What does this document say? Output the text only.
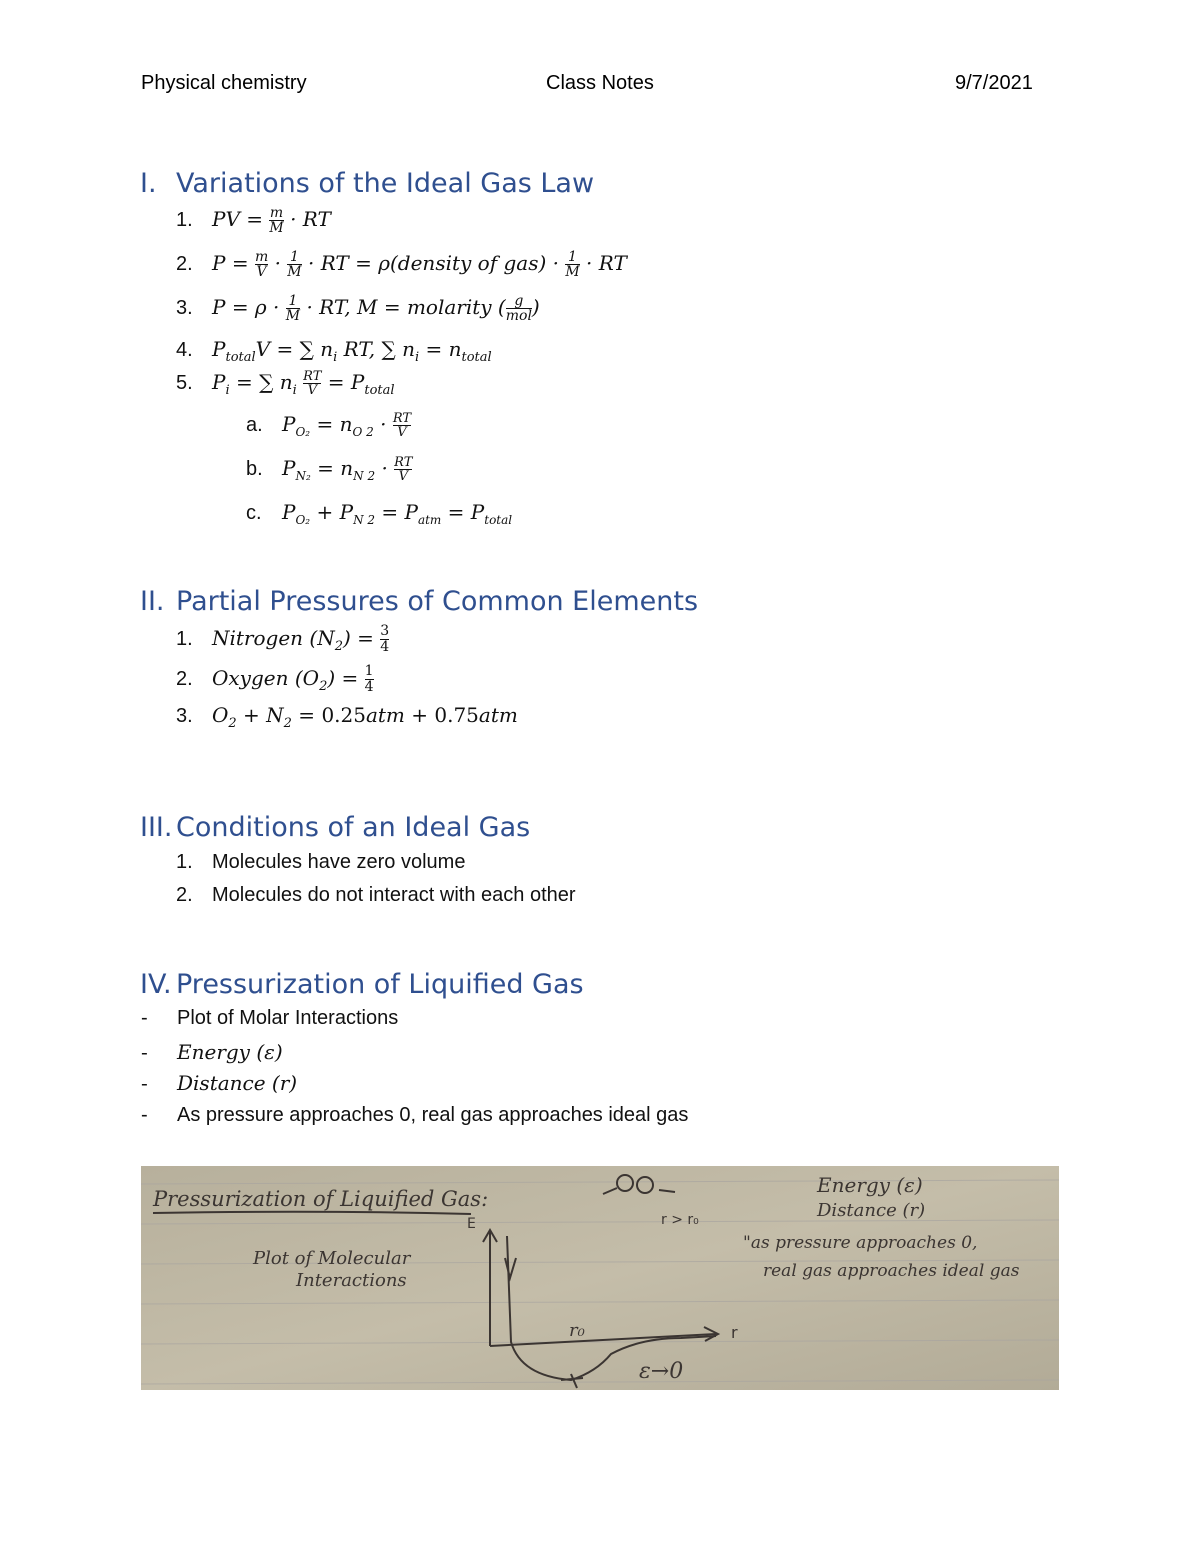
Physical chemistry	Class Notes	9/7/2021
I. Variations of the Ideal Gas Law
1. PV = $\frac{m}{M}$ · RT
2. $P = \frac{m}{V} \cdot \frac{1}{M}$ · RT = ρ(density of $gas) \cdot \frac{1}{M}$ · RT
3. $P = \rho \cdot \frac{1}{M}$ · RT, M = molarity ( g
mol )
4. $P_{total}V$ = ∑ $n_i$ RT, ∑ $n_i = n_{total}$
5. $P_i$ = ∑ $n_i \frac{RT}{V} = P_{total}$
a. $P_{O_2} = n_{O 2} \cdot \frac{RT}{V}$
b. $P_{N_2} = n_{N 2} \cdot \frac{RT}{V}$
c. $P_{O_2} + P_{N 2} = P_{atm} = P_{total}$
II. Partial Pressures of Common Elements
1. Nitrogen $(N_2) = \frac{3}{4}$
2. Oxygen $(O_2) = \frac{1}{4}$
3. $O_2 + N_2 = 0.25atm + 0.75atm$
III. Conditions of an Ideal Gas
1. Molecules have zero volume
2. Molecules do not interact with each other
IV. Pressurization of Liquified Gas
- Plot of Molar Interactions
- Energy (ε)
- Distance (r)
- As pressure approaches 0, real gas approaches ideal gas
Pressurization of Liquified Gas:
Plot of Molecular
Interactions
E
r
r₀
ε→0
r > r₀
Energy (ε)
Distance (r)
"as pressure approaches 0,
real gas approaches ideal gas
